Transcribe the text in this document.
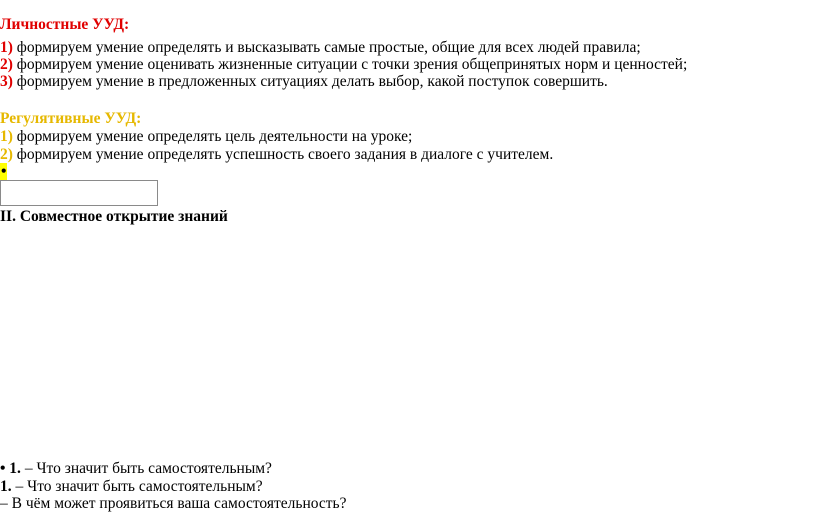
Личностные УУД:
1) формируем умение определять и высказывать самые простые, общие для всех людей правила;
2) формируем умение оценивать жизненные ситуации с точки зрения общепринятых норм и ценностей;
3) формируем умение в предложенных ситуациях делать выбор, какой поступок совершить.
Регулятивные УУД:
1) формируем умение определять цель деятельности на уроке;
2) формируем умение определять успешность своего задания в диалоге с учителем.
•
II. Совместное открытие знаний
• 1. – Что значит быть самостоятельным?
1. – Что значит быть самостоятельным?
– В чём может проявиться ваша самостоятельность?
